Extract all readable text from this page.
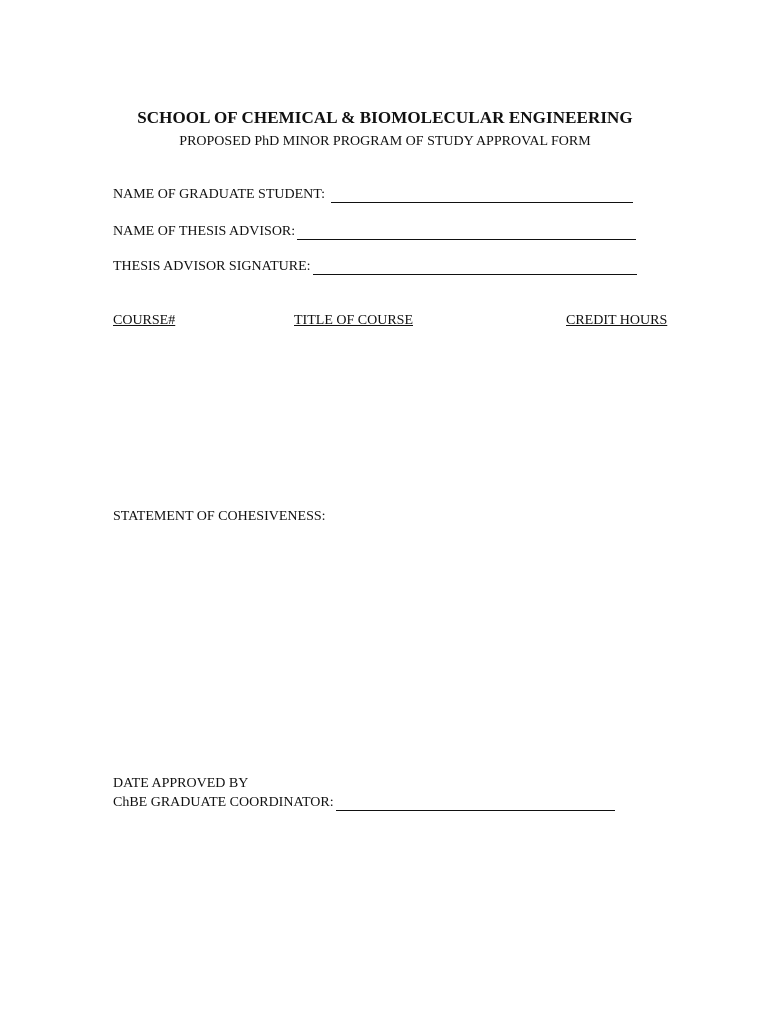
SCHOOL OF CHEMICAL & BIOMOLECULAR ENGINEERING
PROPOSED PhD MINOR PROGRAM OF STUDY APPROVAL FORM
NAME OF GRADUATE STUDENT:

NAME OF THESIS ADVISOR:
THESIS ADVISOR SIGNATURE:
COURSE#	TITLE OF COURSE	CREDIT HOURS
STATEMENT OF COHESIVENESS:
DATE APPROVED BY
ChBE GRADUATE COORDINATOR:
